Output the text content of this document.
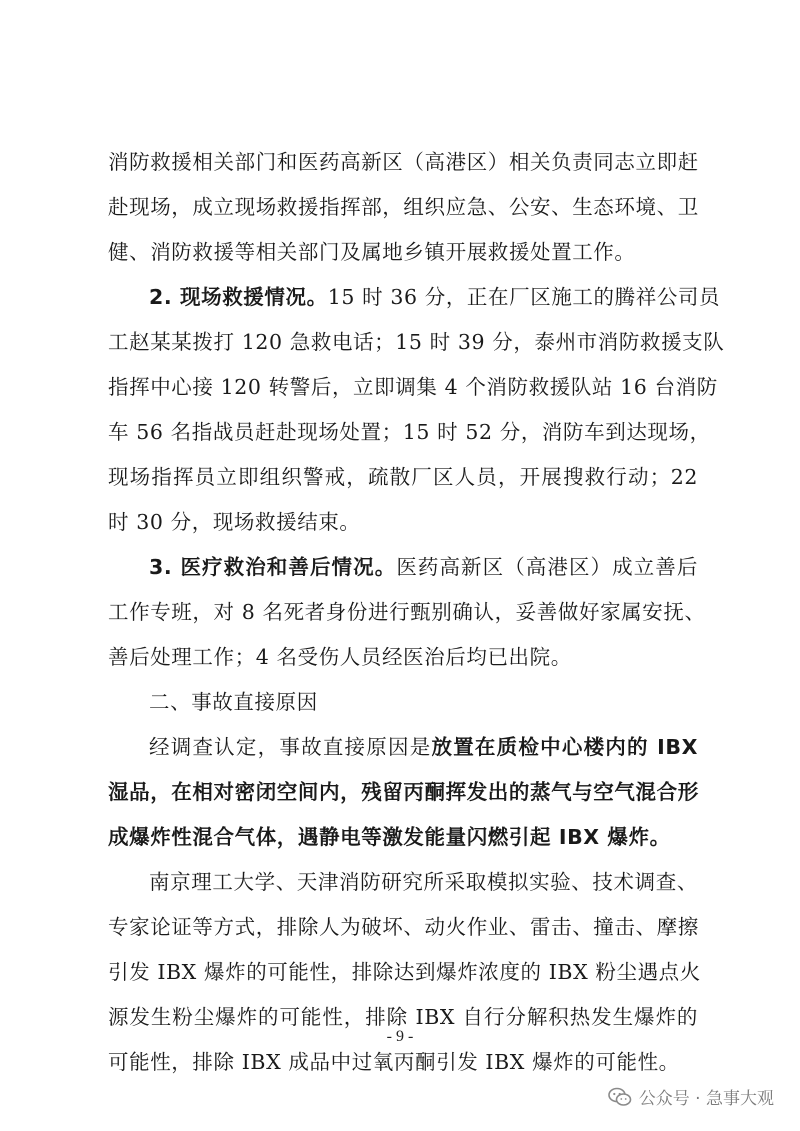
消防救援相关部门和医药高新区（高港区）相关负责同志立即赶
赴现场，成立现场救援指挥部，组织应急、公安、生态环境、卫
健、消防救援等相关部门及属地乡镇开展救援处置工作。
2. 现场救援情况。15 时 36 分，正在厂区施工的腾祥公司员
工赵某某拨打 120 急救电话；15 时 39 分，泰州市消防救援支队
指挥中心接 120 转警后，立即调集 4 个消防救援队站 16 台消防
车 56 名指战员赶赴现场处置；15 时 52 分，消防车到达现场，
现场指挥员立即组织警戒，疏散厂区人员，开展搜救行动；22
时 30 分，现场救援结束。
3. 医疗救治和善后情况。医药高新区（高港区）成立善后
工作专班，对 8 名死者身份进行甄别确认，妥善做好家属安抚、
善后处理工作；4 名受伤人员经医治后均已出院。
二、事故直接原因
经调查认定，事故直接原因是放置在质检中心楼内的 IBX
湿品，在相对密闭空间内，残留丙酮挥发出的蒸气与空气混合形
成爆炸性混合气体，遇静电等激发能量闪燃引起 IBX 爆炸。
南京理工大学、天津消防研究所采取模拟实验、技术调查、
专家论证等方式，排除人为破坏、动火作业、雷击、撞击、摩擦
引发 IBX 爆炸的可能性，排除达到爆炸浓度的 IBX 粉尘遇点火
源发生粉尘爆炸的可能性，排除 IBX 自行分解积热发生爆炸的
可能性，排除 IBX 成品中过氧丙酮引发 IBX 爆炸的可能性。
- 9 -
公众号 · 急事大观
